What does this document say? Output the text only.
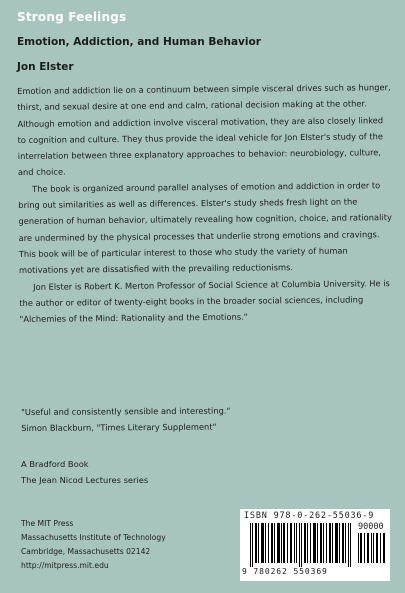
Strong Feelings
Emotion, Addiction, and Human Behavior
Jon Elster

Emotion and addiction lie on a continuum between simple visceral drives such as hunger, thirst, and sexual desire at one end and calm, rational decision making at the other. Although emotion and addiction involve visceral motivation, they are also closely linked to cognition and culture. They thus provide the ideal vehicle for Jon Elster's study of the interrelation between three explanatory approaches to behavior: neurobiology, culture, and choice.

The book is organized around parallel analyses of emotion and addiction in order to bring out similarities as well as differences. Elster's study sheds fresh light on the generation of human behavior, ultimately revealing how cognition, choice, and rationality are undermined by the physical processes that underlie strong emotions and cravings. This book will be of particular interest to those who study the variety of human motivations yet are dissatisfied with the prevailing reductionisms.

Jon Elster is Robert K. Merton Professor of Social Science at Columbia University. He is the author or editor of twenty-eight books in the broader social sciences, including "Alchemies of the Mind: Rationality and the Emotions."

"Useful and consistently sensible and interesting."
Simon Blackburn, "Times Literary Supplement"
A Bradford Book
The Jean Nicod Lectures series
The MIT Press
Massachusetts Institute of Technology
Cambridge, Massachusetts 02142
http://mitpress.mit.edu
ISBN 978-0-262-55036-9
90000
9 780262 550369
